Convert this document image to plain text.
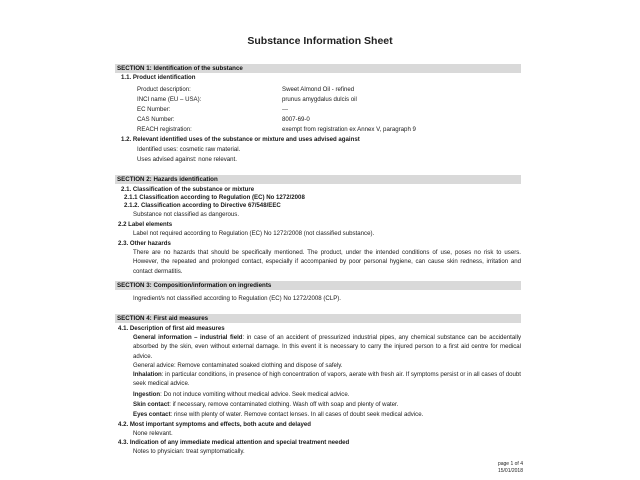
Substance Information Sheet
SECTION 1: Identification of the substance
1.1. Product identification
Product description:	Sweet Almond Oil - refined
INCI name (EU – USA):	prunus amygdalus dulcis oil
EC Number:	---
CAS Number:	8007-69-0
REACH registration:	exempt from registration ex Annex V, paragraph 9
1.2. Relevant identified uses of the substance or mixture and uses advised against
Identified uses: cosmetic raw material.
Uses advised against: none relevant.
SECTION 2: Hazards identification
2.1. Classification of the substance or mixture
2.1.1 Classification according to Regulation (EC) No 1272/2008
2.1.2. Classification according to Directive 67/548/EEC
Substance not classified as dangerous.
2.2 Label elements
Label not required according to Regulation (EC) No 1272/2008 (not classified substance).
2.3. Other hazards
There are no hazards that should be specifically mentioned. The product, under the intended conditions of use, poses no risk to users. However, the repeated and prolonged contact, especially if accompanied by poor personal hygiene, can cause skin redness, irritation and contact dermatitis.
SECTION 3: Composition/information on ingredients
Ingredient/s not classified according to Regulation (EC) No 1272/2008 (CLP).
SECTION 4: First aid measures
4.1. Description of first aid measures
General information – industrial field: in case of an accident of pressurized industrial pipes, any chemical substance can be accidentally absorbed by the skin, even without external damage. In this event it is necessary to carry the injured person to a first aid centre for medical advice.
General advice: Remove contaminated soaked clothing and dispose of safely.
Inhalation: in particular conditions, in presence of high concentration of vapors, aerate with fresh air. If symptoms persist or in all cases of doubt seek medical advice.
Ingestion: Do not induce vomiting without medical advice. Seek medical advice.
Skin contact: if necessary, remove contaminated clothing. Wash off with soap and plenty of water.
Eyes contact: rinse with plenty of water. Remove contact lenses. In all cases of doubt seek medical advice.
4.2. Most important symptoms and effects, both acute and delayed
None relevant.
4.3. Indication of any immediate medical attention and special treatment needed
Notes to physician: treat symptomatically.
page 1 of 4
15/01/2018
